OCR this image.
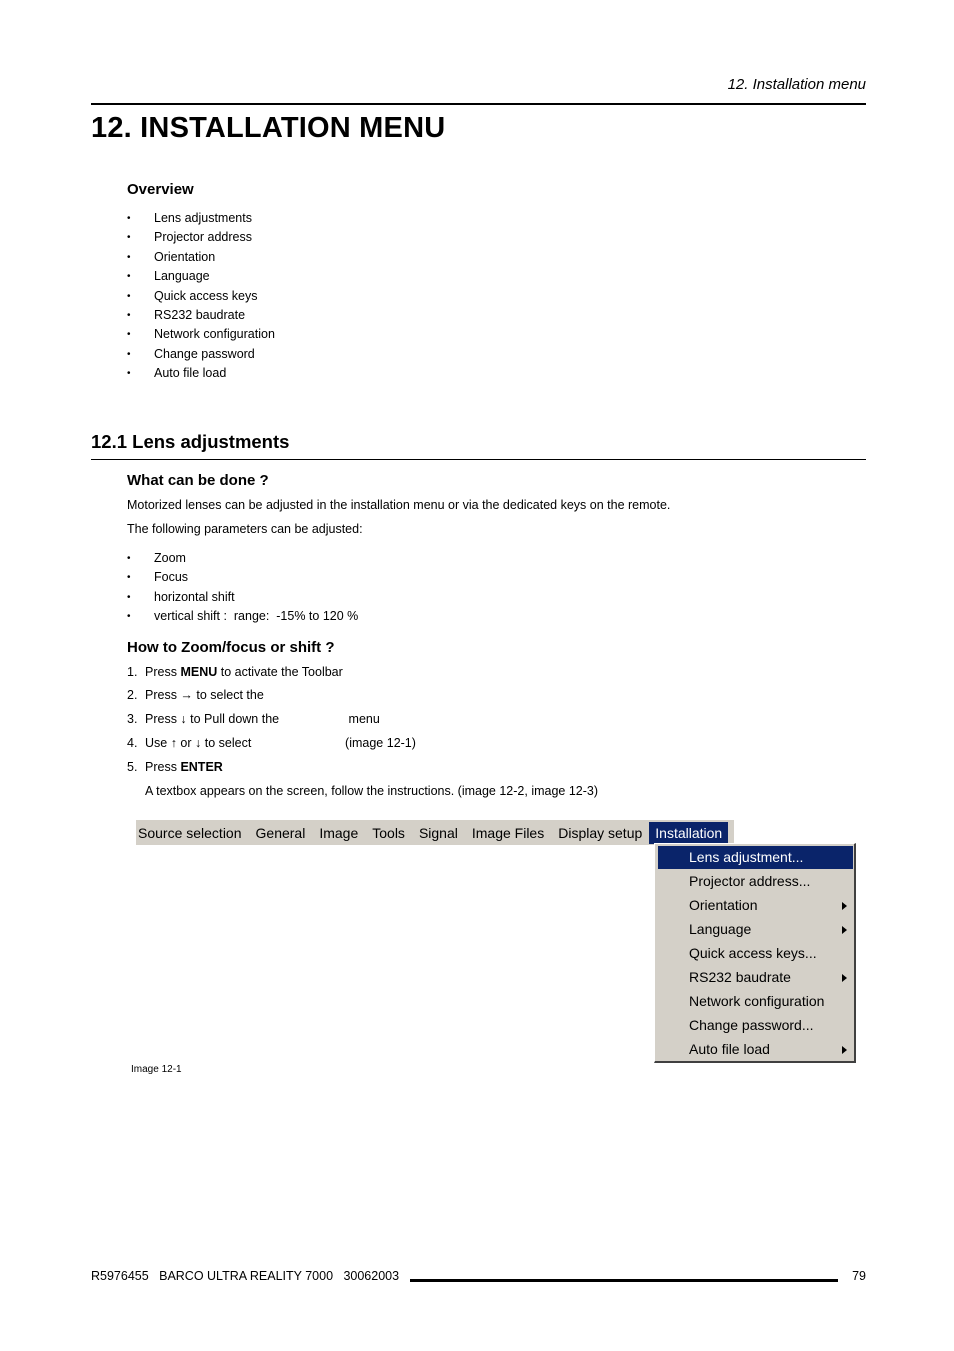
12. Installation menu
12. INSTALLATION MENU
Overview
• Lens adjustments
• Projector address
• Orientation
• Language
• Quick access keys
• RS232 baudrate
• Network configuration
• Change password
• Auto file load
12.1 Lens adjustments
What can be done ?
Motorized lenses can be adjusted in the installation menu or via the dedicated keys on the remote.
The following parameters can be adjusted:
• Zoom
• Focus
• horizontal shift
• vertical shift :  range:  -15% to 120 %
How to Zoom/focus or shift ?
1. Press MENU to activate the Toolbar
2. Press → to select the
3. Press ↓ to Pull down the                    menu
4. Use ↑ or ↓ to select                           (image 12-1)
5. Press ENTER
A textbox appears on the screen, follow the instructions. (image 12-2, image 12-3)
Source selection	General	Image	Tools	Signal	Image Files	Display setup Installation
Lens adjustment...
Projector address...
Orientation
Language
Quick access keys...
RS232 baudrate
Network configuration
Change password...
Auto file load
Image 12-1
R5976455   BARCO ULTRA REALITY 7000   30062003	79
